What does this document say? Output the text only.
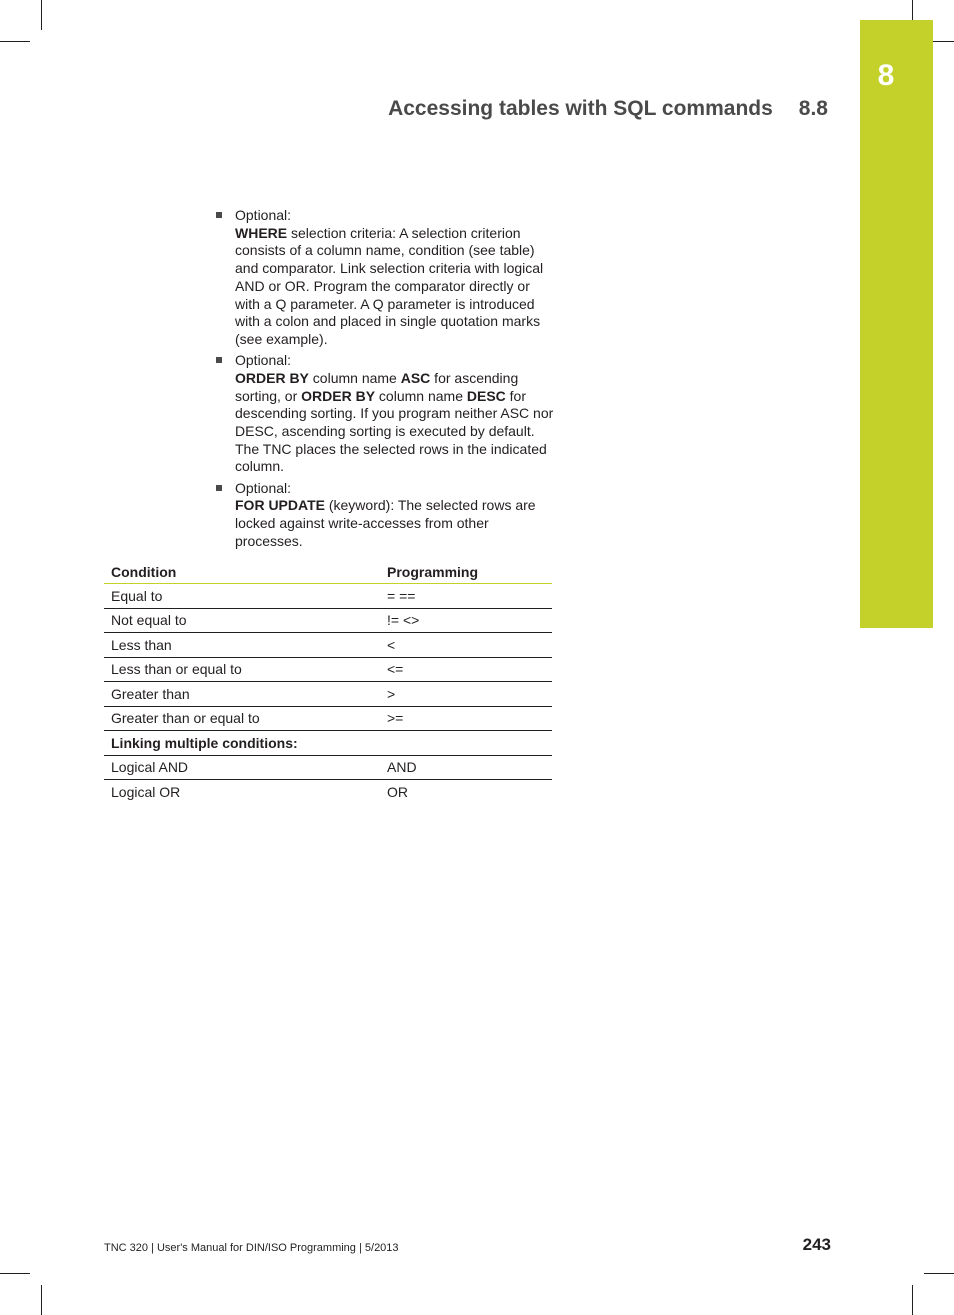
8
Accessing tables with SQL commands 8.8
Optional:
WHERE selection criteria: A selection criterion consists of a column name, condition (see table) and comparator. Link selection criteria with logical AND or OR. Program the comparator directly or with a Q parameter. A Q parameter is introduced with a colon and placed in single quotation marks (see example).
Optional:
ORDER BY column name ASC for ascending sorting, or ORDER BY column name DESC for descending sorting. If you program neither ASC nor DESC, ascending sorting is executed by default. The TNC places the selected rows in the indicated column.
Optional:
FOR UPDATE (keyword): The selected rows are locked against write-accesses from other processes.
Condition	Programming
Equal to	= ==
Not equal to	!= <>
Less than	<
Less than or equal to	<=
Greater than	>
Greater than or equal to	>=
Linking multiple conditions:	
Logical AND	AND
Logical OR	OR
TNC 320 | User's Manual for DIN/ISO Programming | 5/2013	243
